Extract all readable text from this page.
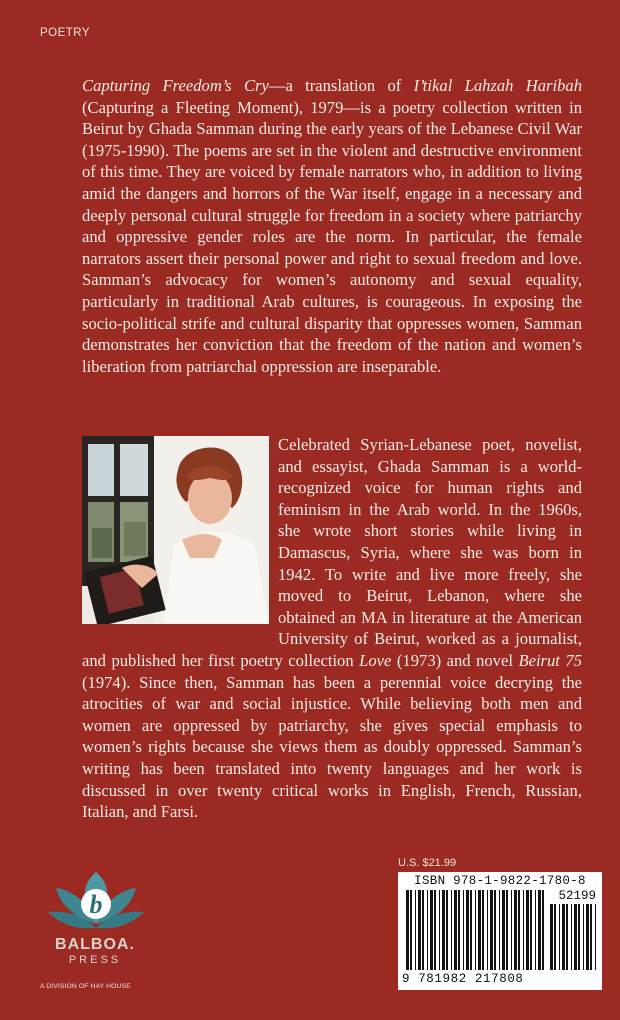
POETRY

Capturing Freedom’s Cry—a translation of I’tikal Lahzah Haribah (Capturing a Fleeting Moment), 1979—is a poetry collection written in Beirut by Ghada Samman during the early years of the Lebanese Civil War (1975-1990). The poems are set in the violent and destructive environment of this time. They are voiced by female narrators who, in addition to living amid the dangers and horrors of the War itself, engage in a necessary and deeply personal cultural struggle for freedom in a society where patriarchy and oppressive gender roles are the norm. In particular, the female narrators assert their personal power and right to sexual freedom and love. Samman’s advocacy for women’s autonomy and sexual equality, particularly in traditional Arab cultures, is courageous. In exposing the socio-political strife and cultural disparity that oppresses women, Samman demonstrates her conviction that the freedom of the nation and women’s liberation from patriarchal oppression are inseparable.

Celebrated Syrian-Lebanese poet, novelist, and essayist, Ghada Samman is a world-recognized voice for human rights and feminism in the Arab world. In the 1960s, she wrote short stories while living in Damascus, Syria, where she was born in 1942. To write and live more freely, she moved to Beirut, Lebanon, where she obtained an MA in literature at the American University of Beirut, worked as a journalist, and published her first poetry collection Love (1973) and novel Beirut 75 (1974). Since then, Samman has been a perennial voice decrying the atrocities of war and social injustice. While believing both men and women are oppressed by patriarchy, she gives special emphasis to women’s rights because she views them as doubly oppressed. Samman’s writing has been translated into twenty languages and her work is discussed in over twenty critical works in English, French, Russian, Italian, and Farsi.

U.S. $21.99
ISBN 978-1-9822-1780-8
52199
9 781982 217808
b
BALBOA.
PRESS
A DIVISION OF HAY HOUSE
